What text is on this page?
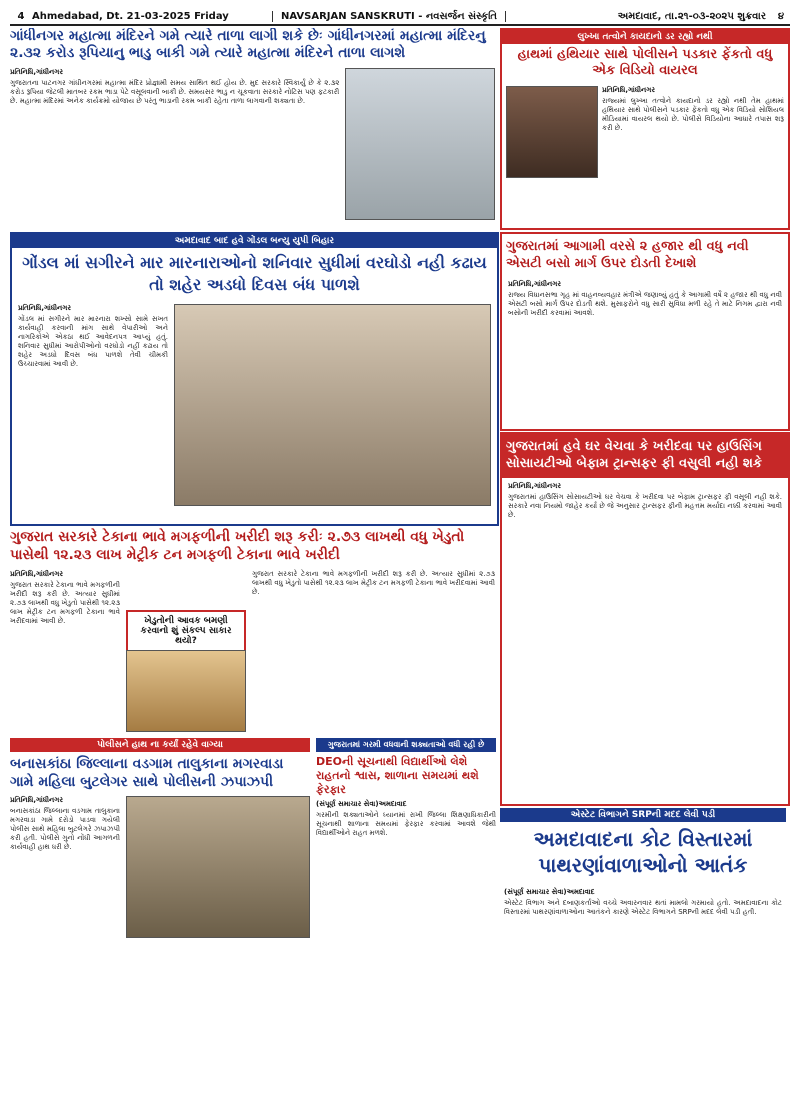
4 Ahmedabad, Dt. 21-03-2025 Friday	NAVSARJAN SANSKRUTI - નવસર્જન સંસ્કૃતિ	અમદાવાદ, તા.૨૧-૦૩-૨૦૨૫ શુક્રવાર	૪
ગાંધીનગર મહાત્મા મંદિરને ગમે ત્યારે તાળા લાગી શકે છેઃ ગાંધીનગરમાં મહાત્મા મંદિરનુ ૨.૩૨ કરોડ રૂપિયાનુ ભાડુ બાકી ગમે ત્યારે મહાત્મા મંદિરને તાળા લાગશે
પ્રતિનિધિ,ગાંધીનગર
ગુજરાતના પાટનગર ગાંધીનગરમાં મહાત્મા મંદિર પ્રોજ્ઞામી સમય સાથિત થઈ હોય છે. મુદ સરકારે સ્વિકાર્યું છે કે ૨.૩૨ કરોડ રૂપિયા જેટલી માતબર રકમ ભાડા પેટે વસૂલવાની બાકી છે. સમયસર ભાડુ ન ચૂકવાતા સરકારે નોટિસ પણ ફટકારી છે. મહાત્મા મંદિરમાં અનેક કાર્યક્રમો યોજાય છે પરંતુ ભાડાની રકમ બાકી રહેતા તાળા લાગવાની શક્યતા છે.
લુખ્ખા તત્વોને કાયદાનો ડર રહ્યો નથી
હાથમાં હથિયાર સાથે પોલીસને પડકાર ફેંકતો વધુ એક વિડિયો વાયરલ
પ્રતિનિધિ,ગાંધીનગર
રાજ્યમાં લુખ્ખા તત્વોને કાયદાનો ડર રહ્યો નથી તેમ હાથમાં હથિયાર સાથે પોલીસને પડકાર ફેંકતો વધુ એક વિડિયો સોશિયલ મીડિયામાં વાયરલ થયો છે. પોલીસે વિડિયોના આધારે તપાસ શરૂ કરી છે.
અમદાવાદ બાદ હવે ગોંડલ બન્યુ યુપી બિહાર
ગોંડલ માં સગીરને માર મારનારાઓનો શનિવાર સુધીમાં વરઘોડો નહી કઢાય તો શહેર અડધો દિવસ બંધ પાળશે
પ્રતિનિધિ,ગાંધીનગર
ગોંડલ માં સગીરને માર મારનારા શખ્સો સામે સખત કાર્યવાહી કરવાની માંગ સાથે વેપારીઓ અને નાગરિકોએ એકઠા થઈ આવેદનપત્ર આપ્યું હતું. શનિવાર સુધીમાં આરોપીઓનો વરઘોડો નહીં કઢાય તો શહેર અડધો દિવસ બંધ પાળશે તેવી ચીમકી ઉચ્ચારવામાં આવી છે.
ગુજરાતમાં આગામી વરસે ૨ હજાર થી વધુ નવી એસટી બસો માર્ગ ઉપર દોડતી દેખાશે
પ્રતિનિધિ,ગાંધીનગર
રાજ્ય વિધાનસભા ગૃહ માં વાહનવ્યવહાર મંત્રીએ જણાવ્યું હતું કે આગામી વર્ષે ૨ હજાર થી વધુ નવી એસટી બસો માર્ગ ઉપર દોડતી થશે. મુસાફરોને વધુ સારી સુવિધા મળી રહે તે માટે નિગમ દ્વારા નવી બસોની ખરીદી કરવામાં આવશે.
ગુજરાતમાં હવે ઘર વેચવા કે ખરીદવા પર હાઉસિંગ સોસાયટીઓ બેફામ ટ્રાન્સફર ફી વસુલી નહી શકે
પ્રતિનિધિ,ગાંધીનગર
ગુજરાતમાં હાઉસિંગ સોસાયટીઓ ઘર વેચવા કે ખરીદવા પર બેફામ ટ્રાન્સફર ફી વસૂલી નહી શકે. સરકારે નવા નિયમો જાહેર કર્યા છે જે અનુસાર ટ્રાન્સફર ફીની મહત્તમ મર્યાદા નક્કી કરવામાં આવી છે.
ગુજરાત સરકારે ટેકાના ભાવે મગફળીની ખરીદી શરૂ કરીઃ ૨.૭૩ લાખથી વધુ ખેડુતો પાસેથી ૧૨.૨૩ લાખ મેટ્રીક ટન મગફળી ટેકાના ભાવે ખરીદી
પ્રતિનિધિ,ગાંધીનગર
ગુજરાત સરકારે ટેકાના ભાવે મગફળીની ખરીદી શરૂ કરી છે. અત્યાર સુધીમાં ૨.૭૩ લાખથી વધુ ખેડુતો પાસેથી ૧૨.૨૩ લાખ મેટ્રીક ટન મગફળી ટેકાના ભાવે ખરીદવામાં આવી છે.	ખેડુતોની આવક બમણી કરવાનો શું સંકલ્પ સાકાર થયો?
ગુજરાત સરકારે ટેકાના ભાવે મગફળીની ખરીદી શરૂ કરી છે. અત્યાર સુધીમાં ૨.૭૩ લાખથી વધુ ખેડુતો પાસેથી ૧૨.૨૩ લાખ મેટ્રીક ટન મગફળી ટેકાના ભાવે ખરીદવામાં આવી છે.
પોલીસને હાથ ના કર્યાં રહેવે વાગ્યા
બનાસકાંઠા જિલ્લાના વડગામ તાલુકાના મગરવાડા ગામે મહિલા બુટલેગર સાથે પોલીસની ઝપાઝપી
પ્રતિનિધિ,ગાંધીનગર
બનાસકાંઠા જિલ્લાના વડગામ તાલુકાના મગરવાડા ગામે દરોડો પાડવા ગયેલી પોલીસ સાથે મહિલા બુટલેગરે ઝપાઝપી કરી હતી. પોલીસે ગુનો નોંધી આગળની કાર્યવાહી હાથ ધરી છે.
ગુજરાતમાં ગરમી વધવાની શક્યતાઓ વધી રહી છે
DEOની સૂચનાથી વિદ્યાર્થીઓ લેશે રાહતનો શ્વાસ, શાળાના સમયમાં થશે ફેરફાર
(સંપૂર્ણ સમાચાર સેવા)અમદાવાદ
ગરમીની શક્યતાઓને ધ્યાનમાં રાખી જિલ્લા શિક્ષણાધિકારીની સૂચનાથી શાળાના સમયમાં ફેરફાર કરવામાં આવશે જેથી વિદ્યાર્થીઓને રાહત મળશે.
એસ્ટેટ વિભાગને SRPની મદદ લેવી પડી
અમદાવાદના કોટ વિસ્તારમાં પાથરણાંવાળાઓનો આતંક
(સંપૂર્ણ સમાચાર સેવા)અમદાવાદ
એસ્ટેટ વિભાગ અને દબાણકર્તાઓ વચ્ચે અવારનવાર થતાં મામલો ગરમાયો હતો. અમદાવાદના કોટ વિસ્તારમાં પાથરણાંવાળાઓના આતંકને કારણે એસ્ટેટ વિભાગને SRPની મદદ લેવી પડી હતી.
